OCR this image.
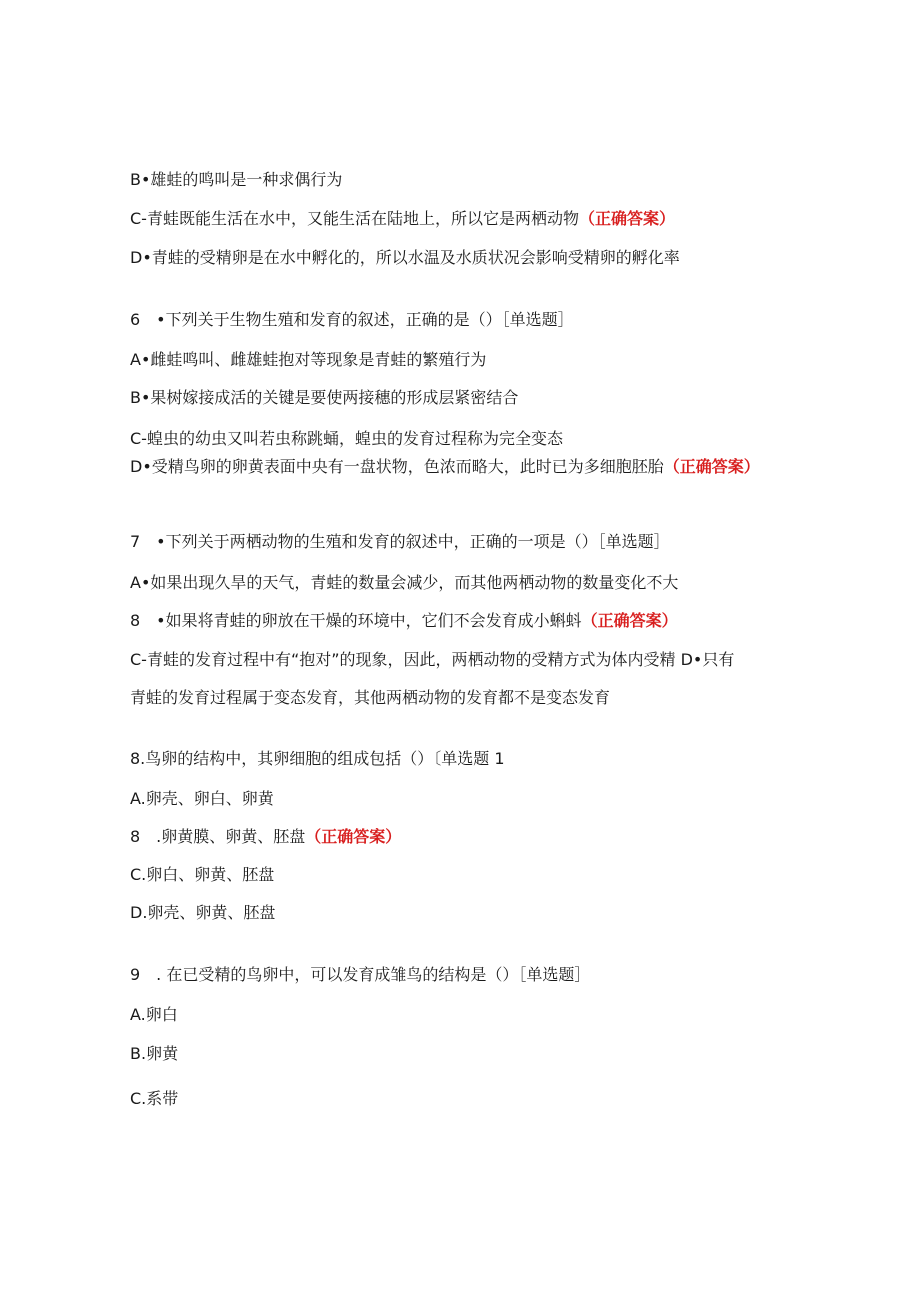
B•雄蛙的鸣叫是一种求偶行为
C-青蛙既能生活在水中，又能生活在陆地上，所以它是两栖动物（正确答案）
D•青蛙的受精卵是在水中孵化的，所以水温及水质状况会影响受精卵的孵化率
6　•下列关于生物生殖和发育的叙述，正确的是（）［单选题］
A•雌蛙鸣叫、雌雄蛙抱对等现象是青蛙的繁殖行为
B•果树嫁接成活的关键是要使两接穗的形成层紧密结合
C-蝗虫的幼虫又叫若虫称跳蛹，蝗虫的发育过程称为完全变态
D•受精鸟卵的卵黄表面中央有一盘状物，色浓而略大，此时已为多细胞胚胎（正确答案）
7　•下列关于两栖动物的生殖和发育的叙述中，正确的一项是（）［单选题］
A•如果出现久旱的天气，青蛙的数量会减少，而其他两栖动物的数量变化不大
8　•如果将青蛙的卵放在干燥的环境中，它们不会发育成小蝌蚪（正确答案）
C-青蛙的发育过程中有“抱对”的现象，因此，两栖动物的受精方式为体内受精 D•只有
青蛙的发育过程属于变态发育，其他两栖动物的发育都不是变态发育
8.鸟卵的结构中，其卵细胞的组成包括（）〔单选题 1
A.卵壳、卵白、卵黄
8　.卵黄膜、卵黄、胚盘（正确答案）
C.卵白、卵黄、胚盘
D.卵壳、卵黄、胚盘
9　. 在已受精的鸟卵中，可以发育成雏鸟的结构是（）［单选题］
A.卵白
B.卵黄
C.系带
